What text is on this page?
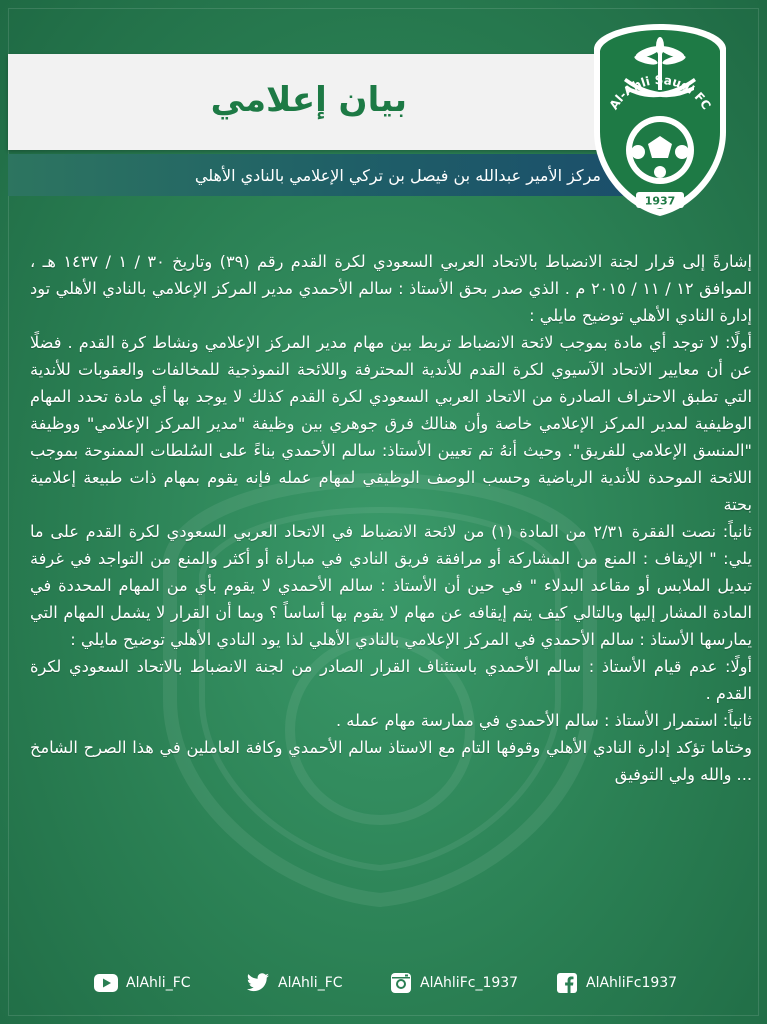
بيان إعلامي

مركز الأمير عبدالله بن فيصل بن تركي الإعلامي بالنادي الأهلي

Al-Ahli Saudi FC
1937

إشارةً إلى قرار لجنة الانضباط بالاتحاد العربي السعودي لكرة القدم رقم (٣٩) وتاريخ ٣٠ / ١ / ١٤٣٧ هـ ، الموافق ١٢ / ١١ / ٢٠١٥ م . الذي صدر بحق الأستاذ : سالم الأحمدي مدير المركز الإعلامي بالنادي الأهلي تود إدارة النادي الأهلي توضيح مايلي :

أولًا: لا توجد أي مادة بموجب لائحة الانضباط تربط بين مهام مدير المركز الإعلامي ونشاط كرة القدم . فضلًا عن أن معايير الاتحاد الآسيوي لكرة القدم للأندية المحترفة واللائحة النموذجية للمخالفات والعقوبات للأندية التي تطبق الاحتراف الصادرة من الاتحاد العربي السعودي لكرة القدم كذلك لا يوجد بها أي مادة تحدد المهام الوظيفية لمدير المركز الإعلامي خاصة وأن هنالك فرق جوهري بين وظيفة "مدير المركز الإعلامي" ووظيفة "المنسق الإعلامي للفريق". وحيث أنهُ تم تعيين الأستاذ: سالم الأحمدي بناءً على السُلطات الممنوحة بموجب اللائحة الموحدة للأندية الرياضية وحسب الوصف الوظيفي لمهام عمله فإنه يقوم بمهام ذات طبيعة إعلامية بحتة

ثانياً: نصت الفقرة ٢/٣١ من المادة (١) من لائحة الانضباط في الاتحاد العربي السعودي لكرة القدم على ما يلي: " الإيقاف : المنع من المشاركة أو مرافقة فريق النادي في مباراة أو أكثر والمنع من التواجد في غرفة تبديل الملابس أو مقاعد البدلاء " في حين أن الأستاذ : سالم الأحمدي لا يقوم بأي من المهام المحددة في المادة المشار إليها وبالتالي كيف يتم إيقافه عن مهام لا يقوم بها أساساً ؟ وبما أن القرار لا يشمل المهام التي يمارسها الأستاذ : سالم الأحمدي في المركز الإعلامي بالنادي الأهلي لذا يود النادي الأهلي توضيح مايلي :

أولًا: عدم قيام الأستاذ : سالم الأحمدي باستئناف القرار الصادر من لجنة الانضباط بالاتحاد السعودي لكرة القدم .

ثانياً: استمرار الأستاذ : سالم الأحمدي في ممارسة مهام عمله .

وختاما تؤكد إدارة النادي الأهلي وقوفها التام مع الاستاذ سالم الأحمدي وكافة العاملين في هذا الصرح الشامخ ... والله ولي التوفيق

AlAhli_FC	AlAhli_FC	AlAhliFc_1937	AlAhliFc1937
